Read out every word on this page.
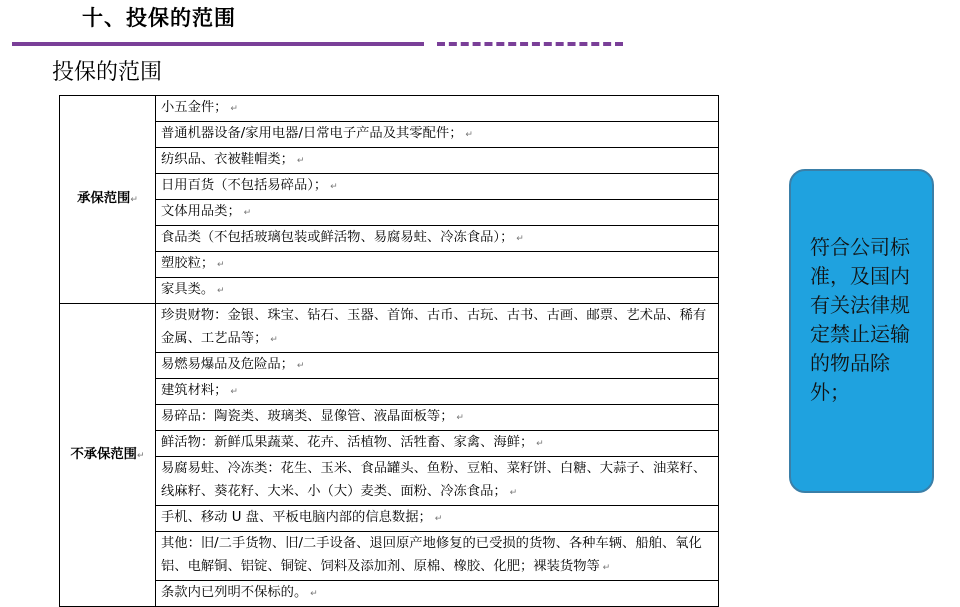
十、投保的范围
投保的范围
承保范围↵	小五金件； ↵
	普通机器设备/家用电器/日常电子产品及其零配件； ↵
	纺织品、衣被鞋帽类； ↵
	日用百货（不包括易碎品）； ↵
	文体用品类； ↵
	食品类（不包括玻璃包装或鲜活物、易腐易蛀、冷冻食品）； ↵
	塑胶粒； ↵
	家具类。 ↵
不承保范围↵	珍贵财物：金银、珠宝、钻石、玉器、首饰、古币、古玩、古书、古画、邮票、艺术品、稀有金属、工艺品等； ↵
	易燃易爆品及危险品； ↵
	建筑材料； ↵
	易碎品：陶瓷类、玻璃类、显像管、液晶面板等； ↵
	鲜活物：新鲜瓜果蔬菜、花卉、活植物、活牲畜、家禽、海鲜； ↵
	易腐易蛀、冷冻类：花生、玉米、食品罐头、鱼粉、豆粕、菜籽饼、白糖、大蒜子、油菜籽、线麻籽、葵花籽、大米、小（大）麦类、面粉、冷冻食品； ↵
	手机、移动 U 盘、平板电脑内部的信息数据； ↵
	其他：旧/二手货物、旧/二手设备、退回原产地修复的已受损的货物、各种车辆、船舶、氧化铝、电解铜、铝锭、铜锭、饲料及添加剂、原棉、橡胶、化肥；裸装货物等 ↵
	条款内已列明不保标的。 ↵
符合公司标准，及国内有关法律规定禁止运输的物品除外；
